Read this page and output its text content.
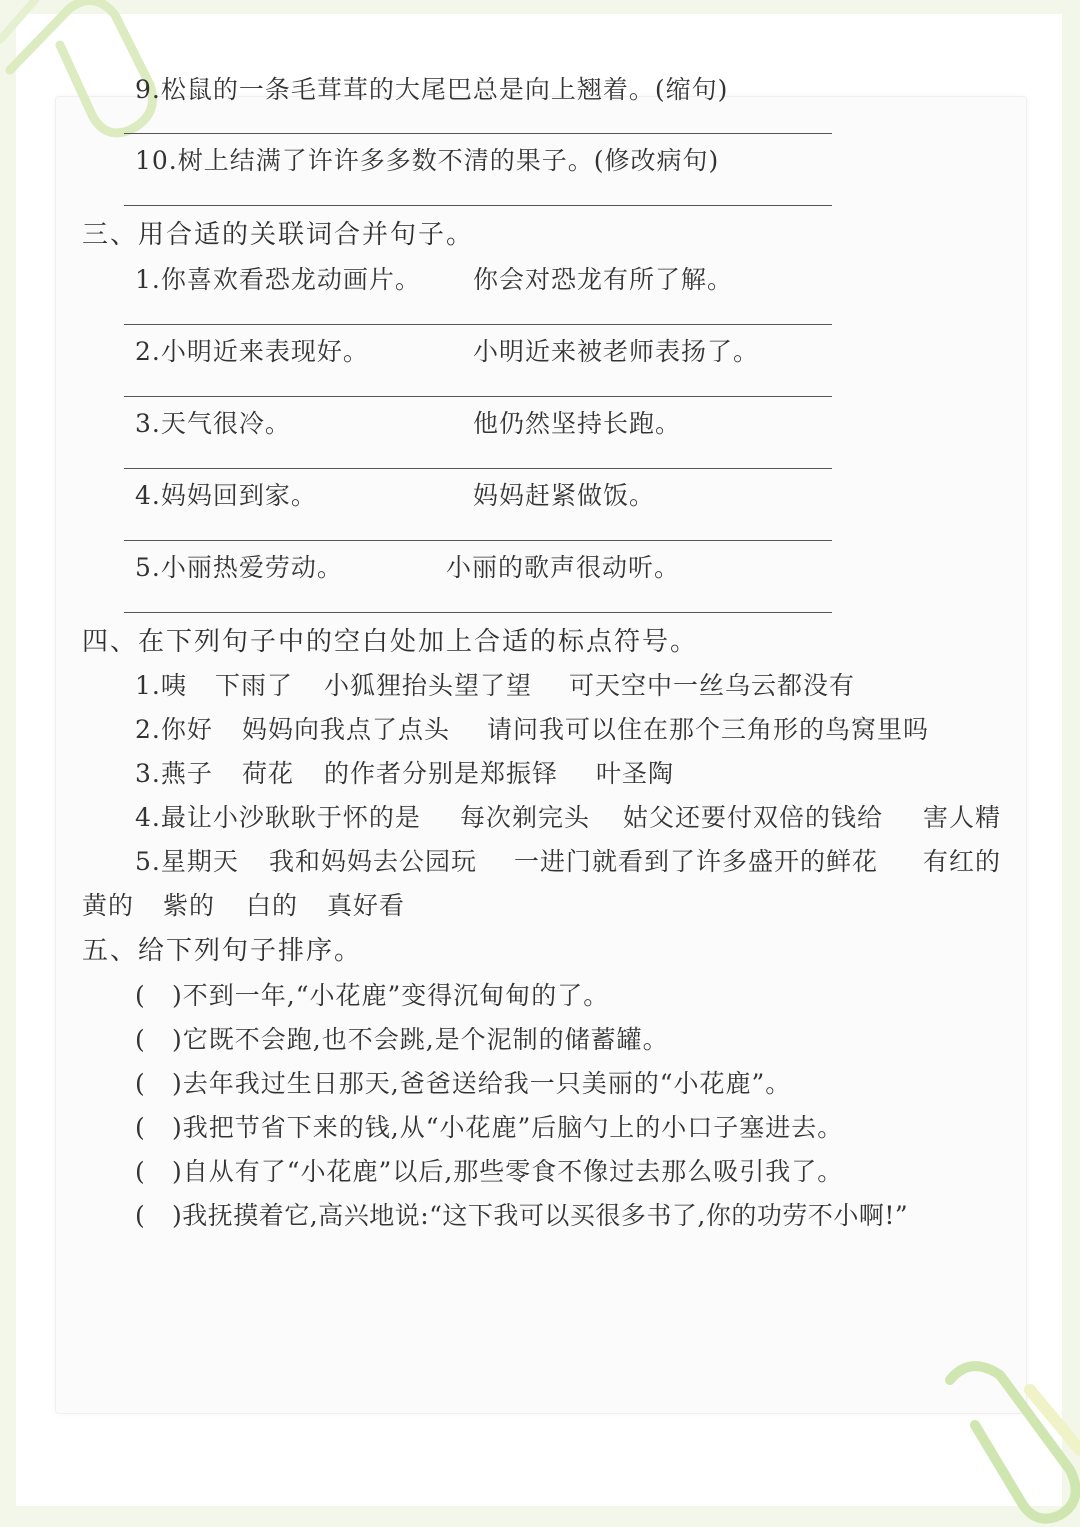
9.松鼠的一条毛茸茸的大尾巴总是向上翘着。(缩句)
10.树上结满了许许多多数不清的果子。(修改病句)
三、用合适的关联词合并句子。
1.你喜欢看恐龙动画片。 你会对恐龙有所了解。
2.小明近来表现好。	小明近来被老师表扬了。
3.天气很冷。	他仍然坚持长跑。
4.妈妈回到家。	妈妈赶紧做饭。
5.小丽热爱劳动。	小丽的歌声很动听。
四、在下列句子中的空白处加上合适的标点符号。
1.咦 下雨了 小狐狸抬头望了望 可天空中一丝乌云都没有
2.你好 妈妈向我点了点头 请问我可以住在那个三角形的鸟窝里吗
3.燕子 荷花 的作者分别是郑振铎 叶圣陶
4.最让小沙耿耿于怀的是 每次剃完头 姑父还要付双倍的钱给 害人精
5.星期天 我和妈妈去公园玩 一进门就看到了许多盛开的鲜花 有红的
黄的 紫的 白的 真好看
五、给下列句子排序。
( )不到一年,“小花鹿”变得沉甸甸的了。
( )它既不会跑,也不会跳,是个泥制的储蓄罐。
( )去年我过生日那天,爸爸送给我一只美丽的“小花鹿”。
( )我把节省下来的钱,从“小花鹿”后脑勺上的小口子塞进去。
( )自从有了“小花鹿”以后,那些零食不像过去那么吸引我了。
( )我抚摸着它,高兴地说:“这下我可以买很多书了,你的功劳不小啊!”
